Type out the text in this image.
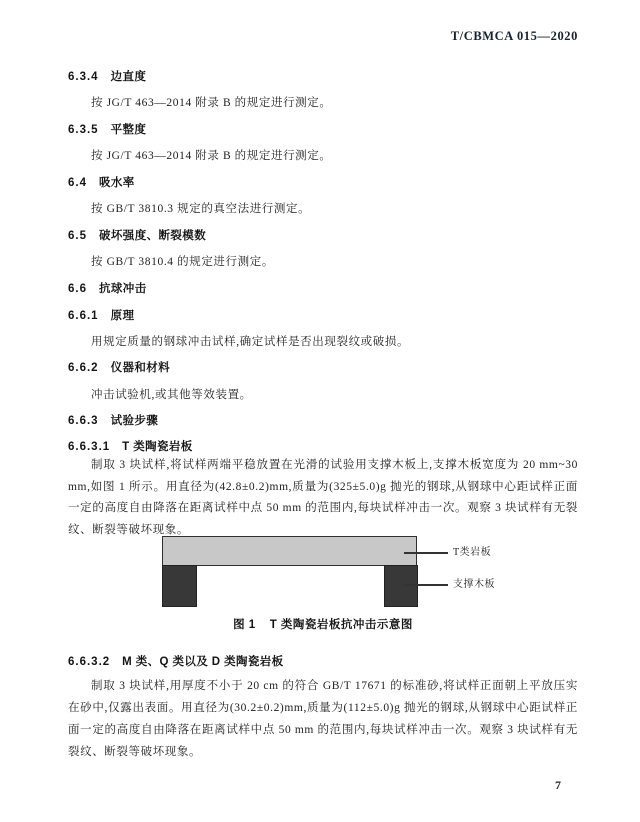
T/CBMCA 015—2020
6.3.4 边直度
按 JG/T 463—2014 附录 B 的规定进行测定。
6.3.5 平整度
按 JG/T 463—2014 附录 B 的规定进行测定。
6.4 吸水率
按 GB/T 3810.3 规定的真空法进行测定。
6.5 破坏强度、断裂模数
按 GB/T 3810.4 的规定进行测定。
6.6 抗球冲击
6.6.1 原理
用规定质量的钢球冲击试样,确定试样是否出现裂纹或破损。
6.6.2 仪器和材料
冲击试验机,或其他等效装置。
6.6.3 试验步骤
6.6.3.1 T 类陶瓷岩板
制取 3 块试样,将试样两端平稳放置在光滑的试验用支撑木板上,支撑木板宽度为 20 mm~30 mm,如图 1 所示。用直径为(42.8±0.2)mm,质量为(325±5.0)g 抛光的钢球,从钢球中心距试样正面一定的高度自由降落在距离试样中点 50 mm 的范围内,每块试样冲击一次。观察 3 块试样有无裂纹、断裂等破坏现象。
T类岩板
支撑木板
图 1 T 类陶瓷岩板抗冲击示意图
6.6.3.2 M 类、Q 类以及 D 类陶瓷岩板
制取 3 块试样,用厚度不小于 20 cm 的符合 GB/T 17671 的标准砂,将试样正面朝上平放压实在砂中,仅露出表面。用直径为(30.2±0.2)mm,质量为(112±5.0)g 抛光的钢球,从钢球中心距试样正面一定的高度自由降落在距离试样中点 50 mm 的范围内,每块试样冲击一次。观察 3 块试样有无裂纹、断裂等破坏现象。
7
